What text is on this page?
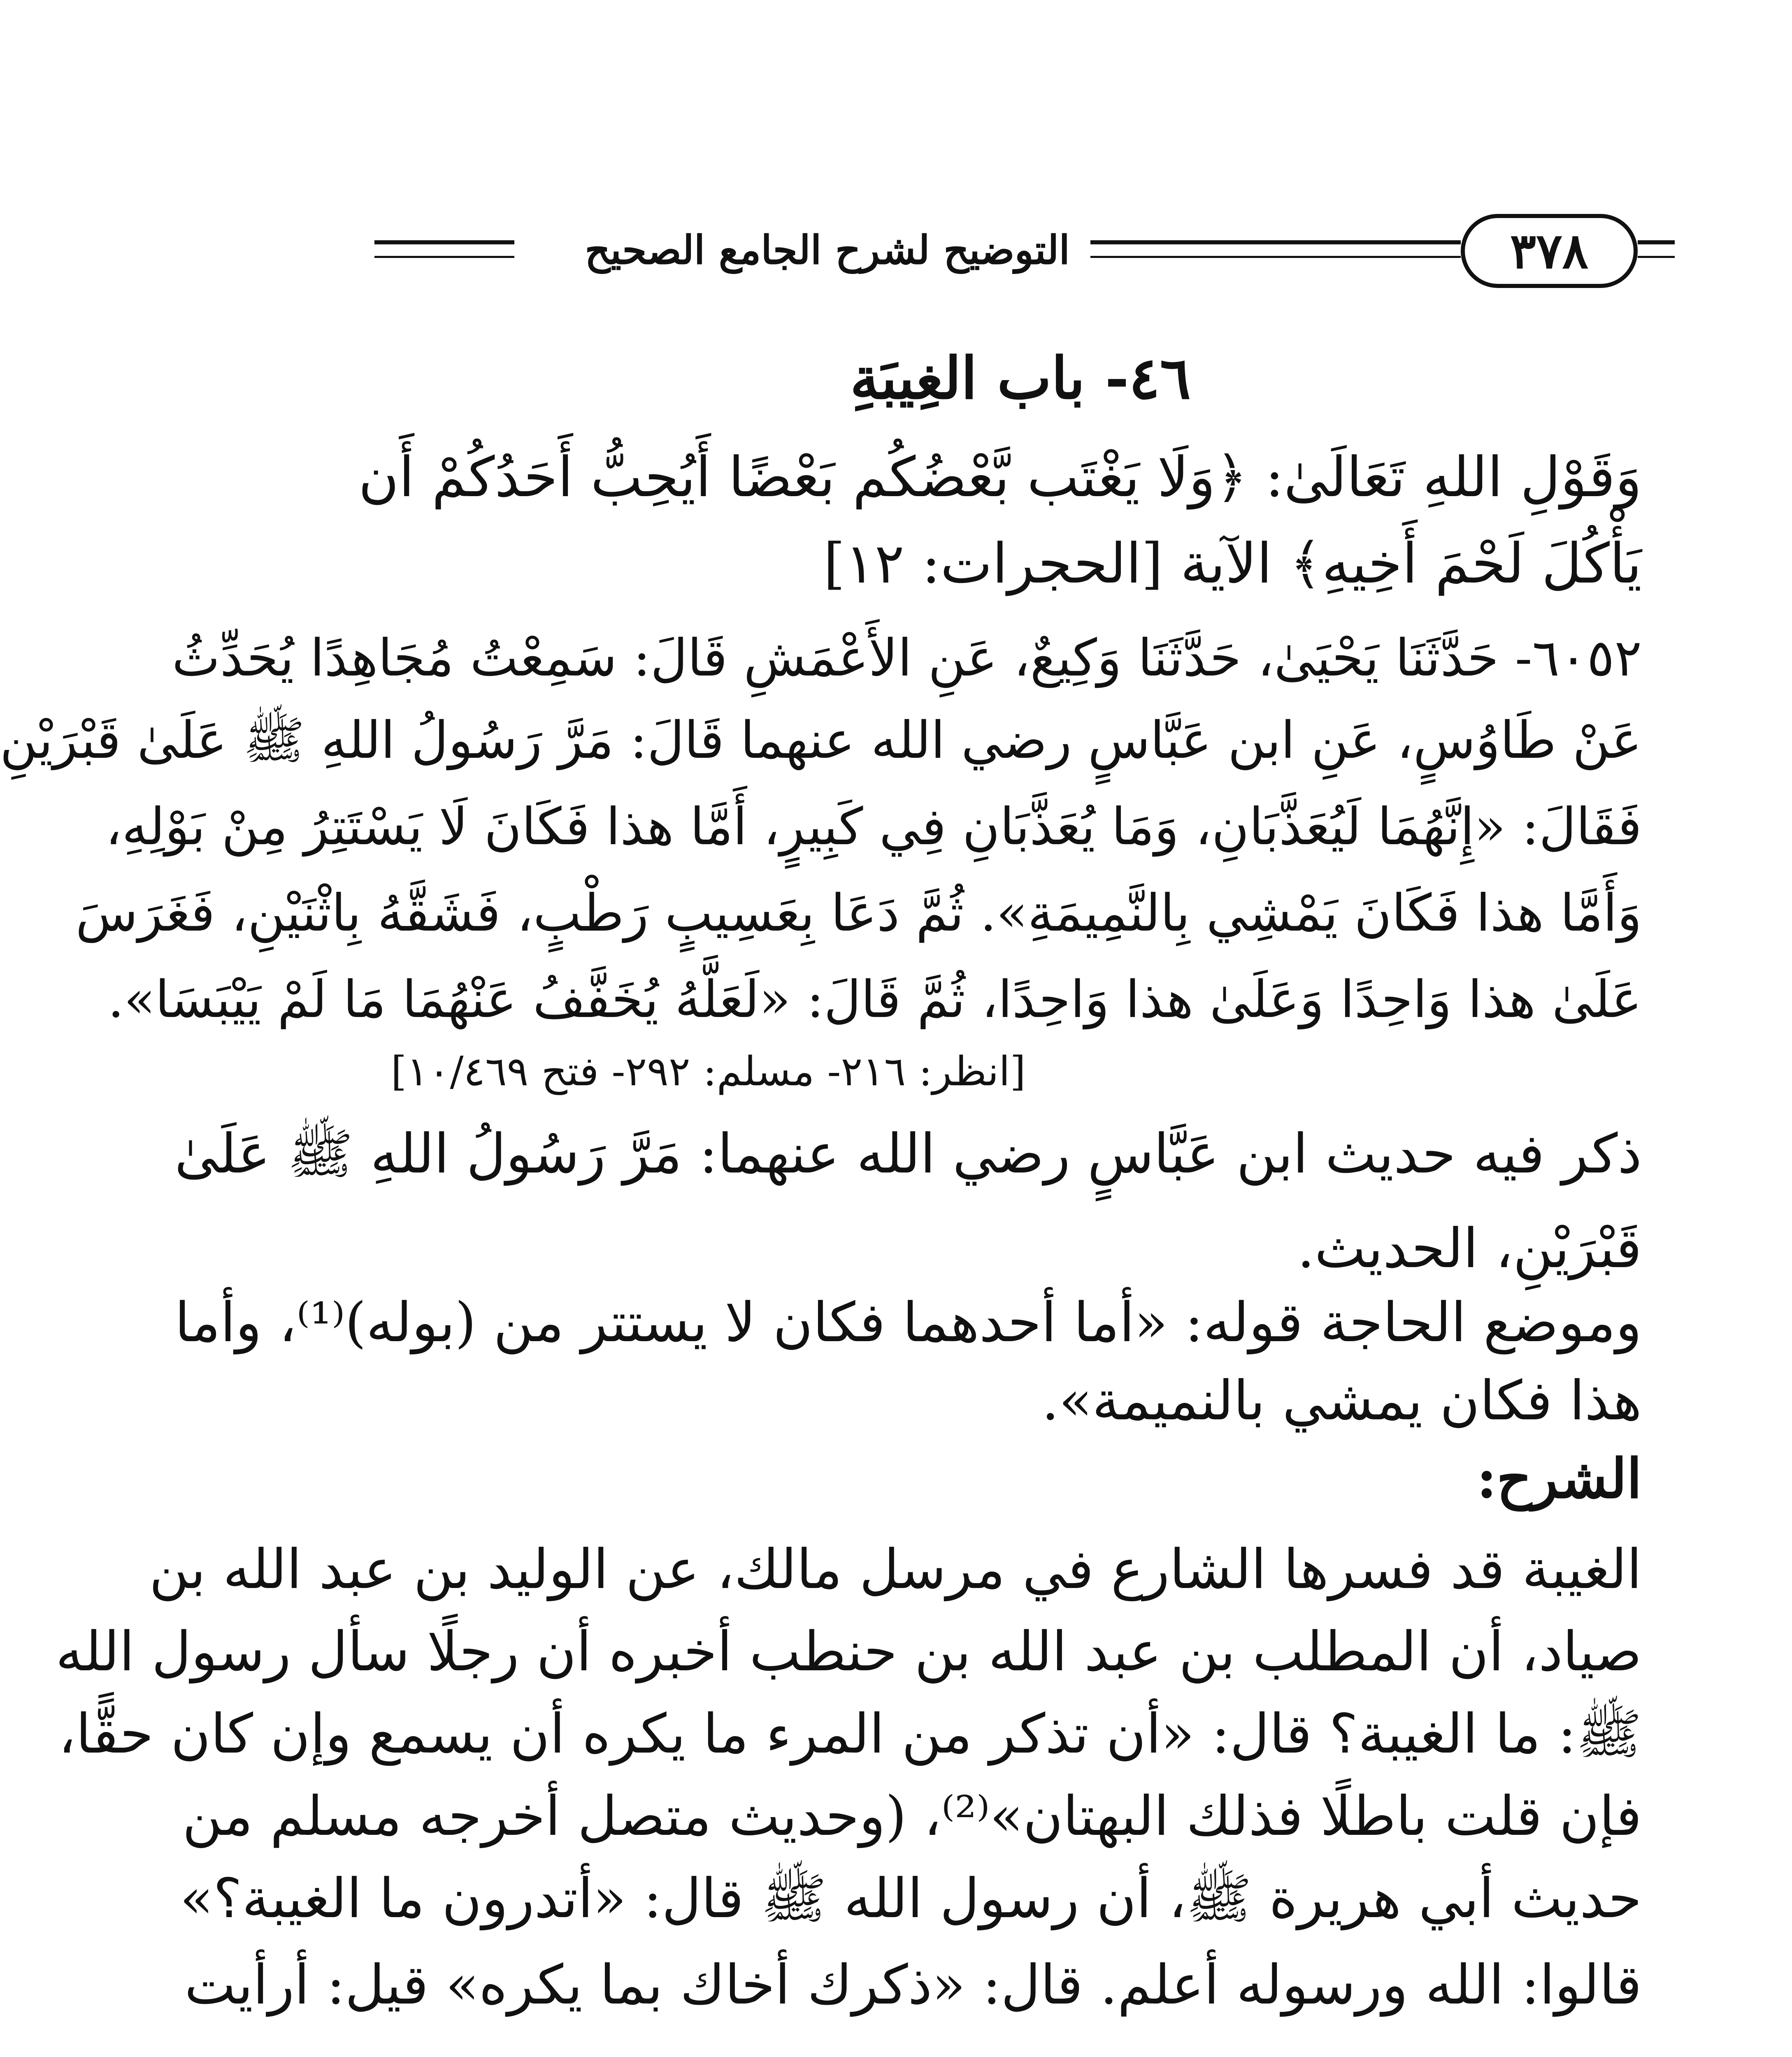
التوضيح لشرح الجامع الصحيح	٣٧٨
٤٦- باب الغِيبَةِ
وَقَوْلِ اللهِ تَعَالَىٰ: ﴿وَلَا يَغْتَب بَّعْضُكُم بَعْضًا أَيُحِبُّ أَحَدُكُمْ أَن
يَأْكُلَ لَحْمَ أَخِيهِ﴾ الآية [الحجرات: ١٢]
٦٠٥٢- حَدَّثَنَا يَحْيَىٰ، حَدَّثَنَا وَكِيعٌ، عَنِ الأَعْمَشِ قَالَ: سَمِعْتُ مُجَاهِدًا يُحَدِّثُ
عَنْ طَاوُسٍ، عَنِ ابن عَبَّاسٍ رضي الله عنهما قَالَ: مَرَّ رَسُولُ اللهِ ﷺ عَلَىٰ قَبْرَيْنِ
فَقَالَ: «إِنَّهُمَا لَيُعَذَّبَانِ، وَمَا يُعَذَّبَانِ فِي كَبِيرٍ، أَمَّا هذا فَكَانَ لَا يَسْتَتِرُ مِنْ بَوْلِهِ،
وَأَمَّا هذا فَكَانَ يَمْشِي بِالنَّمِيمَةِ». ثُمَّ دَعَا بِعَسِيبٍ رَطْبٍ، فَشَقَّهُ بِاثْنَيْنِ، فَغَرَسَ
عَلَىٰ هذا وَاحِدًا وَعَلَىٰ هذا وَاحِدًا، ثُمَّ قَالَ: «لَعَلَّهُ يُخَفَّفُ عَنْهُمَا مَا لَمْ يَيْبَسَا».
[انظر: ٢١٦- مسلم: ٢٩٢- فتح ١٠/٤٦٩]
ذكر فيه حديث ابن عَبَّاسٍ رضي الله عنهما: مَرَّ رَسُولُ اللهِ ﷺ عَلَىٰ
قَبْرَيْنِ، الحديث.
وموضع الحاجة قوله: «أما أحدهما فكان لا يستتر من (بوله)⁽¹⁾، وأما
هذا فكان يمشي بالنميمة».
الشرح:
الغيبة قد فسرها الشارع في مرسل مالك، عن الوليد بن عبد الله بن
صياد، أن المطلب بن عبد الله بن حنطب أخبره أن رجلًا سأل رسول الله
ﷺ: ما الغيبة؟ قال: «أن تذكر من المرء ما يكره أن يسمع وإن كان حقًّا،
فإن قلت باطلًا فذلك البهتان»⁽²⁾، (وحديث متصل أخرجه مسلم من
حديث أبي هريرة ﷺ، أن رسول الله ﷺ قال: «أتدرون ما الغيبة؟»
قالوا: الله ورسوله أعلم. قال: «ذكرك أخاك بما يكره» قيل: أرأيت
